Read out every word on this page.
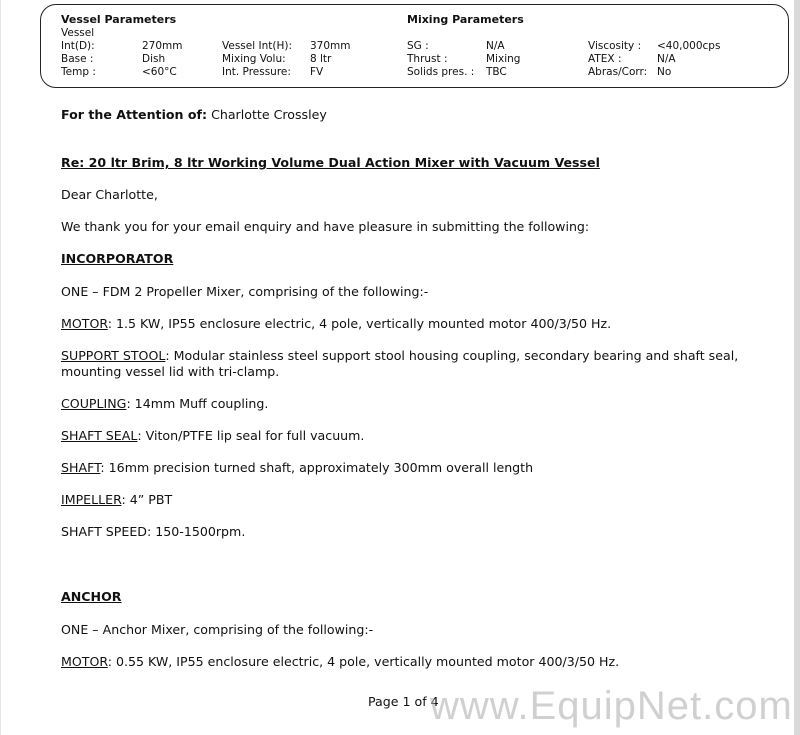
Vessel Parameters	Mixing Parameters
Vessel
Int(D):	270mm	Vessel Int(H): 370mm	SG :	N/A	Viscosity : <40,000cps
Base :	Dish	Mixing Volu: 8 ltr	Thrust :	Mixing	ATEX :	N/A
Temp :	<60°C	Int. Pressure: FV	Solids pres. : TBC	Abras/Corr: No
For the Attention of: Charlotte Crossley
Re: 20 ltr Brim, 8 ltr Working Volume Dual Action Mixer with Vacuum Vessel
Dear Charlotte,
We thank you for your email enquiry and have pleasure in submitting the following:
INCORPORATOR
ONE – FDM 2 Propeller Mixer, comprising of the following:-
MOTOR: 1.5 KW, IP55 enclosure electric, 4 pole, vertically mounted motor 400/3/50 Hz.
SUPPORT STOOL: Modular stainless steel support stool housing coupling, secondary bearing and shaft seal,
mounting vessel lid with tri-clamp.
COUPLING: 14mm Muff coupling.
SHAFT SEAL: Viton/PTFE lip seal for full vacuum.
SHAFT: 16mm precision turned shaft, approximately 300mm overall length
IMPELLER: 4” PBT
SHAFT SPEED: 150-1500rpm.
ANCHOR
ONE – Anchor Mixer, comprising of the following:-
MOTOR: 0.55 KW, IP55 enclosure electric, 4 pole, vertically mounted motor 400/3/50 Hz.
Page 1 of 4
www.EquipNet.com
